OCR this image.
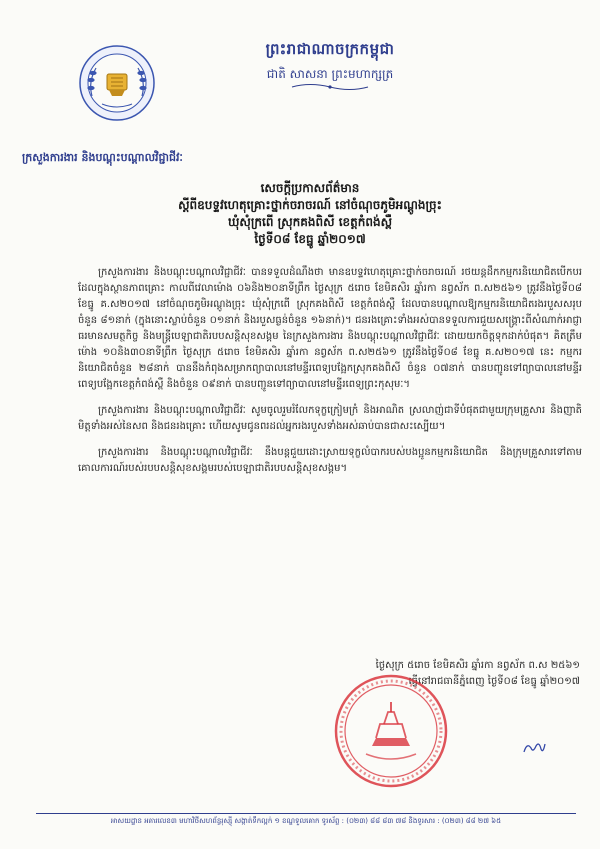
ព្រះរាជាណាចក្រកម្ពុជា
ជាតិ សាសនា ព្រះមហាក្សត្រ
ក្រសួងការងារ និងបណ្តុះបណ្តាលវិជ្ជាជីវៈ
សេចក្តីប្រកាសព័ត៌មាន
ស្តីពីឧបទ្ទវហេតុគ្រោះថ្នាក់ចរាចរណ៍ នៅចំណុចភូមិអណ្តូងច្រុះ
ឃុំសុំក្រពើ ស្រុកគងពិសី ខេត្តកំពង់ស្ពឺ
ថ្ងៃទី០៨ ខែធ្នូ ឆ្នាំ២០១៧

ក្រសួងការងារ និងបណ្តុះបណ្តាលវិជ្ជាជីវៈ បានទទួលដំណឹងថា មានឧបទ្ទវហេតុគ្រោះថ្នាក់ចរាចរណ៍ រថយន្តដឹកកម្មករនិយោជិតបើកបរដែលក្នុងស្ថានភាពគ្រោះ កាលពីវេលាម៉ោង ០៦និង២០នាទីព្រឹក ថ្ងៃសុក្រ ៥រោច ខែមិគសិរ ឆ្នាំរកា នព្វស័ក ព.ស២៥៦១ ត្រូវនឹងថ្ងៃទី០៨ ខែធ្នូ គ.ស២០១៧ នៅចំណុចភូមិអណ្តូងច្រុះ ឃុំសុំក្រពើ ស្រុកគងពិសី ខេត្តកំពង់ស្ពឺ ដែលបានបណ្តាលឱ្យកម្មករនិយោជិតរងរបួសសរុប ចំនួន ៨១នាក់ (ក្នុងនោះស្លាប់ចំនួន ០១នាក់ និងរបួសធ្ងន់ចំនួន ១៦នាក់)។ ជនរងគ្រោះទាំងអស់បានទទួលការជួយសង្គ្រោះពីសំណាក់អាជ្ញាធរមានសមត្ថកិច្ច និងមន្ត្រីបេឡាជាតិរបបសន្តិសុខសង្គម នៃក្រសួងការងារ និងបណ្តុះបណ្តាលវិជ្ជាជីវៈ ដោយយកចិត្តទុកដាក់បំផុត។ គិតត្រឹមម៉ោង ១០និង៣០នាទីព្រឹក ថ្ងៃសុក្រ ៥រោច ខែមិគសិរ ឆ្នាំរកា នព្វស័ក ព.ស២៥៦១ ត្រូវនឹងថ្ងៃទី០៨ ខែធ្នូ គ.ស២០១៧ នេះ កម្មករនិយោជិតចំនួន ២៨នាក់ បាននឹងកំពុងសម្រាកព្យាបាលនៅមន្ទីរពេទ្យបង្អែកស្រុកគងពិសី ចំនួន ០៧នាក់ បានបញ្ជូនទៅព្យាបាលនៅមន្ទីរពេទ្យបង្អែកខេត្តកំពង់ស្ពឺ និងចំនួន ០៩នាក់ បានបញ្ជូនទៅព្យាបាលនៅមន្ទីរពេទ្យព្រះកុសុមៈ។

ក្រសួងការងារ និងបណ្តុះបណ្តាលវិជ្ជាជីវៈ សូមចូលរួមរំលែកទុក្ខក្រៀមក្រំ និងអាណិត ស្រលាញ់ជាទីបំផុតជាមួយក្រុមគ្រួសារ និងញាតិមិត្តទាំងអស់នៃសព និងជនរងគ្រោះ ហើយសូមជូនពរដល់អ្នករងរបួសទាំងអស់ឆាប់បានជាសះស្បើយ។

ក្រសួងការងារ និងបណ្តុះបណ្តាលវិជ្ជាជីវៈ នឹងបន្តជួយដោះស្រាយទុក្ខលំបាករបស់បងប្អូនកម្មករនិយោជិត និងក្រុមគ្រួសារទៅតាមគោលការណ៍របស់របបសន្តិសុខសង្គមរបស់បេឡាជាតិរបបសន្តិសុខសង្គម។

ថ្ងៃសុក្រ ៥រោច ខែមិគសិរ ឆ្នាំរកា នព្វស័ក ព.ស ២៥៦១
ធ្វើនៅរាជធានីភ្នំពេញ ថ្ងៃទី០៨ ខែធ្នូ ឆ្នាំ២០១៧
អាសយដ្ឋាន អគារលេខ៣ មហាវិថីសហព័ន្ធរុស្ស៊ី សង្កាត់ទឹកល្អក់ ១ ខណ្ឌទួលគោក ទូរស័ព្ទ : (០២៣) ៨៨ ៨៣ ៧៨ និងទូរសារ : (០២៣) ៨៨ ២៧ ៦៥
